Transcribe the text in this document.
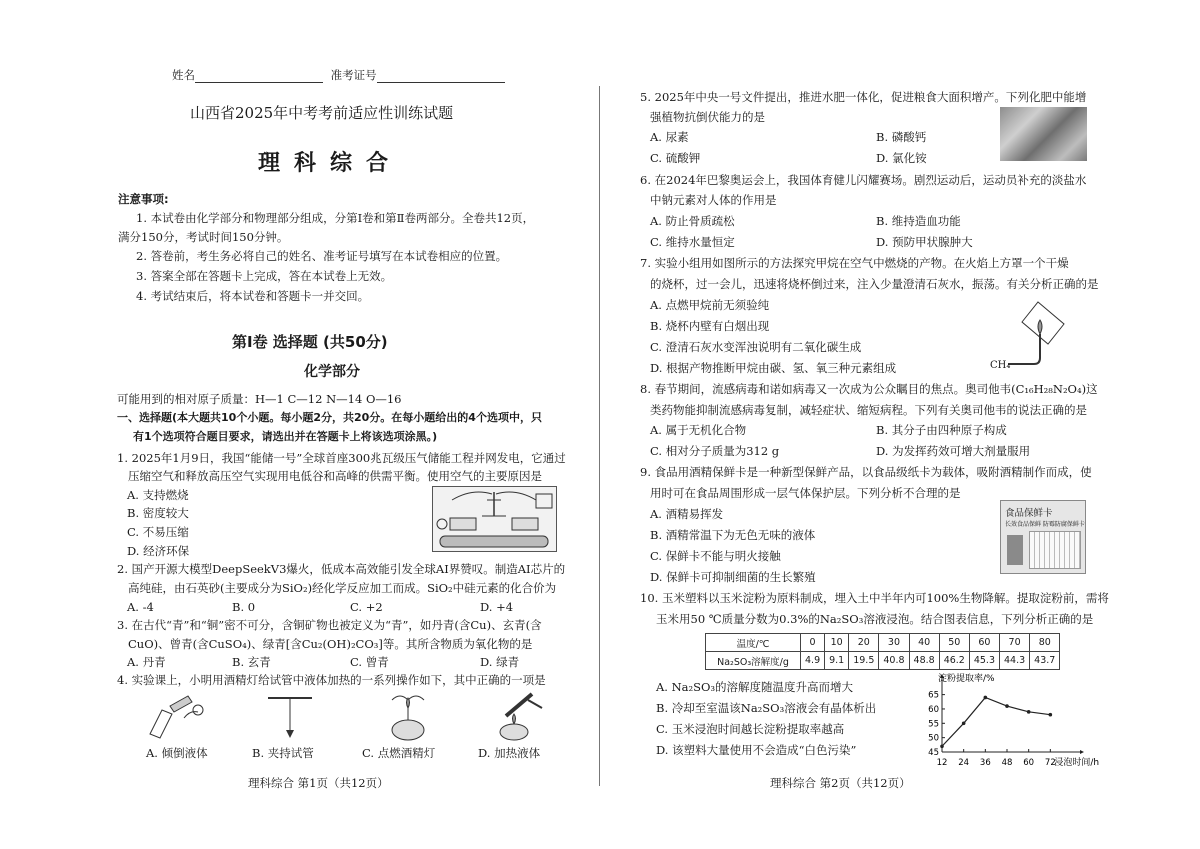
姓名	准考证号
山西省2025年中考考前适应性训练试题
理科综合
注意事项:
1. 本试卷由化学部分和物理部分组成，分第Ⅰ卷和第Ⅱ卷两部分。全卷共12页，
满分150分，考试时间150分钟。
2. 答卷前，考生务必将自己的姓名、准考证号填写在本试卷相应的位置。
3. 答案全部在答题卡上完成，答在本试卷上无效。
4. 考试结束后，将本试卷和答题卡一并交回。
第Ⅰ卷 选择题 (共50分)
化学部分
可能用到的相对原子质量：H—1 C—12 N—14 O—16
一、选择题(本大题共10个小题。每小题2分，共20分。在每小题给出的4个选项中，只
有1个选项符合题目要求，请选出并在答题卡上将该选项涂黑。)
1. 2025年1月9日，我国“能储一号”全球首座300兆瓦级压气储能工程并网发电，它通过
压缩空气和释放高压空气实现用电低谷和高峰的供需平衡。使用空气的主要原因是
A. 支持燃烧
B. 密度较大
C. 不易压缩
D. 经济环保
2. 国产开源大模型DeepSeekV3爆火，低成本高效能引发全球AI界赞叹。制造AI芯片的
高纯硅，由石英砂(主要成分为SiO₂)经化学反应加工而成。SiO₂中硅元素的化合价为
A. -4	B. 0	C. +2	D. +4
3. 在古代“青”和“铜”密不可分，含铜矿物也被定义为“青”，如丹青(含Cu)、玄青(含
CuO)、曾青(含CuSO₄)、绿青[含Cu₂(OH)₂CO₃]等。其所含物质为氧化物的是
A. 丹青	B. 玄青	C. 曾青	D. 绿青
4. 实验课上，小明用酒精灯给试管中液体加热的一系列操作如下，其中正确的一项是
A. 倾倒液体	B. 夹持试管	C. 点燃酒精灯	D. 加热液体
理科综合 第1页（共12页）
5. 2025年中央一号文件提出，推进水肥一体化，促进粮食大面积增产。下列化肥中能增
强植物抗倒伏能力的是
A. 尿素	B. 磷酸钙
C. 硫酸钾	D. 氯化铵
6. 在2024年巴黎奥运会上，我国体育健儿闪耀赛场。剧烈运动后，运动员补充的淡盐水
中钠元素对人体的作用是
A. 防止骨质疏松	B. 维持造血功能
C. 维持水量恒定	D. 预防甲状腺肿大
7. 实验小组用如图所示的方法探究甲烷在空气中燃烧的产物。在火焰上方罩一个干燥
的烧杯，过一会儿，迅速将烧杯倒过来，注入少量澄清石灰水，振荡。有关分析正确的是
A. 点燃甲烷前无须验纯
B. 烧杯内壁有白烟出现
C. 澄清石灰水变浑浊说明有二氧化碳生成
D. 根据产物推断甲烷由碳、氢、氧三种元素组成	CH₄
8. 春节期间，流感病毒和诺如病毒又一次成为公众瞩目的焦点。奥司他韦(C₁₆H₂₈N₂O₄)这
类药物能抑制流感病毒复制，减轻症状、缩短病程。下列有关奥司他韦的说法正确的是
A. 属于无机化合物	B. 其分子由四种原子构成
C. 相对分子质量为312 g	D. 为发挥药效可增大剂量服用
9. 食品用酒精保鲜卡是一种新型保鲜产品，以食品级纸卡为载体，吸附酒精制作而成，使
用时可在食品周围形成一层气体保护层。下列分析不合理的是
A. 酒精易挥发
B. 酒精常温下为无色无味的液体
C. 保鲜卡不能与明火接触
D. 保鲜卡可抑制细菌的生长繁殖
食品保鲜卡
长效食品保鲜 防霉防腐保鲜卡
10. 玉米塑料以玉米淀粉为原料制成，埋入土中半年内可100%生物降解。提取淀粉前，需将
玉米用50 ℃质量分数为0.3%的Na₂SO₃溶液浸泡。结合图表信息，下列分析正确的是
温度/℃	0	10	20	30	40	50	60	70	80
Na₂SO₃溶解度/g	4.9	9.1	19.5	40.8	48.8	46.2	45.3	44.3	43.7
A. Na₂SO₃的溶解度随温度升高而增大
B. 冷却至室温该Na₂SO₃溶液会有晶体析出
C. 玉米浸泡时间越长淀粉提取率越高
D. 该塑料大量使用不会造成“白色污染”
淀粉提取率/%
浸泡时间/h
45
50
55
60
65
12 24 36 48 60 72
理科综合 第2页（共12页）
